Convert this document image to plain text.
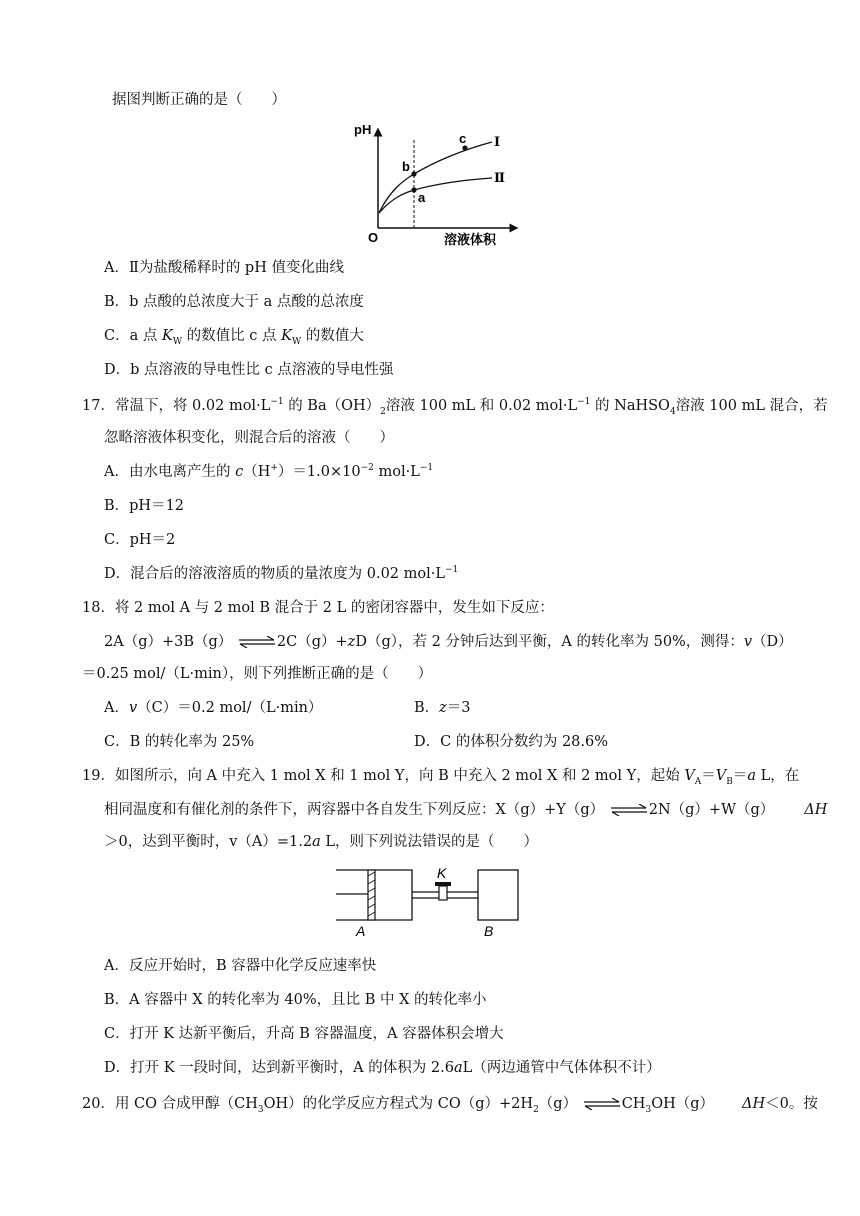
据图判断正确的是（　　）
pH
O	溶液体积
b
a
c Ⅰ
Ⅱ
A．Ⅱ为盐酸稀释时的 pH 值变化曲线
B．b 点酸的总浓度大于 a 点酸的总浓度
C．a 点 $K_W$ 的数值比 c 点 $K_W$ 的数值大
D．b 点溶液的导电性比 c 点溶液的导电性强
17．常温下，将 0.02 $mol\cdot L^{-1}$ 的 $Ba(OH)_2$溶液 100 mL 和 0.02 $mol\cdot L^{-1}$ 的 NaHSO$_4$溶液 100 mL 混合，若
忽略溶液体积变化，则混合后的溶液（　　）
A．由水电离产生的 $c(H^+)=1.0\times 10^{-2}$ $mol\cdot L^{-1}$
B．pH＝12
C．pH＝2
D．混合后的溶液溶质的物质的量浓度为 0.02 $mol\cdot L^{-1}$
18．将 2 mol A 与 2 mol B 混合于 2 L 的密闭容器中，发生如下反应：
2A（g）+3B（g） ⇌2C（g）+zD（g），若 2 分钟后达到平衡，A 的转化率为 50%，测得：v（D）
＝0.25 mol/（L·min），则下列推断正确的是（　　）
A．v（C）＝0.2 mol/（L·min）	B．z＝3
C．B 的转化率为 25%	D．C 的体积分数约为 28.6%
19．如图所示，向 A 中充入 1 mol X 和 1 mol Y，向 B 中充入 2 mol X 和 2 mol Y，起始 $V_A=V_B=a$ L，在
相同温度和有催化剂的条件下，两容器中各自发生下列反应：X（g）+Y（g） ⇌2N（g）+W（g） ΔH
＞0，达到平衡时，v（A）=1.2a L，则下列说法错误的是（　　）
A	B
K
A．反应开始时，B 容器中化学反应速率快
B．A 容器中 X 的转化率为 40%，且比 B 中 X 的转化率小
C．打开 K 达新平衡后，升高 B 容器温度，A 容器体积会增大
D．打开 K 一段时间，达到新平衡时，A 的体积为 2.6aL（两边通管中气体体积不计）
20．用 CO 合成甲醇$(CH_3OH)$的化学反应方程式为 $CO(g)+2H_2(g)$ $\rightleftharpoons CH_3OH(g)$ ΔH＜0。按
